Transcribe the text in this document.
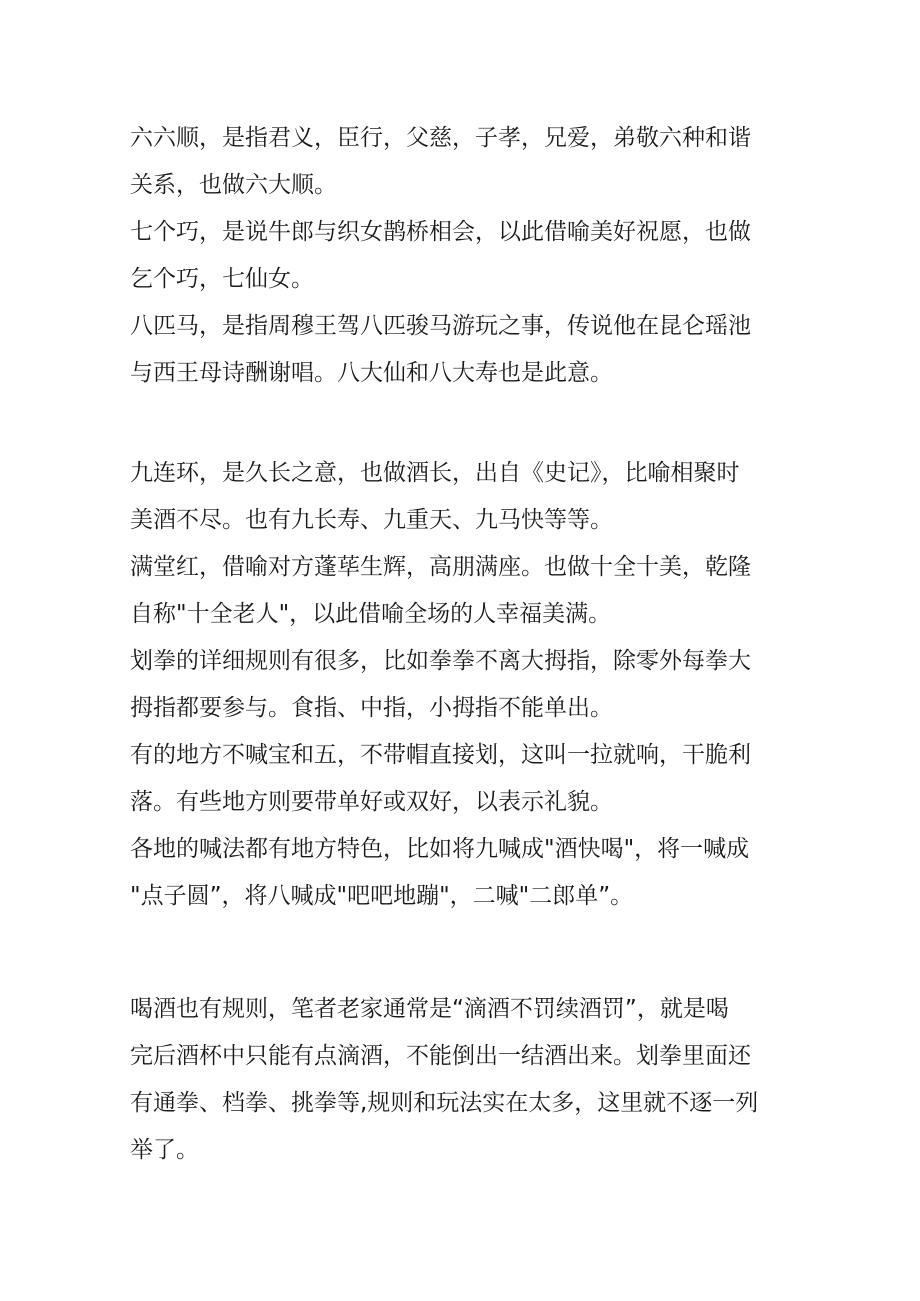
六六顺，是指君义，臣行，父慈，子孝，兄爱，弟敬六种和谐
关系，也做六大顺。
七个巧，是说牛郎与织女鹊桥相会，以此借喻美好祝愿，也做
乞个巧，七仙女。
八匹马，是指周穆王驾八匹骏马游玩之事，传说他在昆仑瑶池
与西王母诗酬谢唱。八大仙和八大寿也是此意。
九连环，是久长之意，也做酒长，出自《史记》，比喻相聚时
美酒不尽。也有九长寿、九重天、九马快等等。
满堂红，借喻对方蓬荜生辉，高朋满座。也做十全十美，乾隆
自称"十全老人"，以此借喻全场的人幸福美满。
划拳的详细规则有很多，比如拳拳不离大拇指，除零外每拳大
拇指都要参与。食指、中指，小拇指不能单出。
有的地方不喊宝和五，不带帽直接划，这叫一拉就响，干脆利
落。有些地方则要带单好或双好，以表示礼貌。
各地的喊法都有地方特色，比如将九喊成"酒快喝"，将一喊成
"点子圆”，将八喊成"吧吧地蹦"，二喊"二郎单”。
喝酒也有规则，笔者老家通常是“滴酒不罚续酒罚”，就是喝
完后酒杯中只能有点滴酒，不能倒出一结酒出来。划拳里面还
有通拳、档拳、挑拳等,规则和玩法实在太多，这里就不逐一列
举了。
